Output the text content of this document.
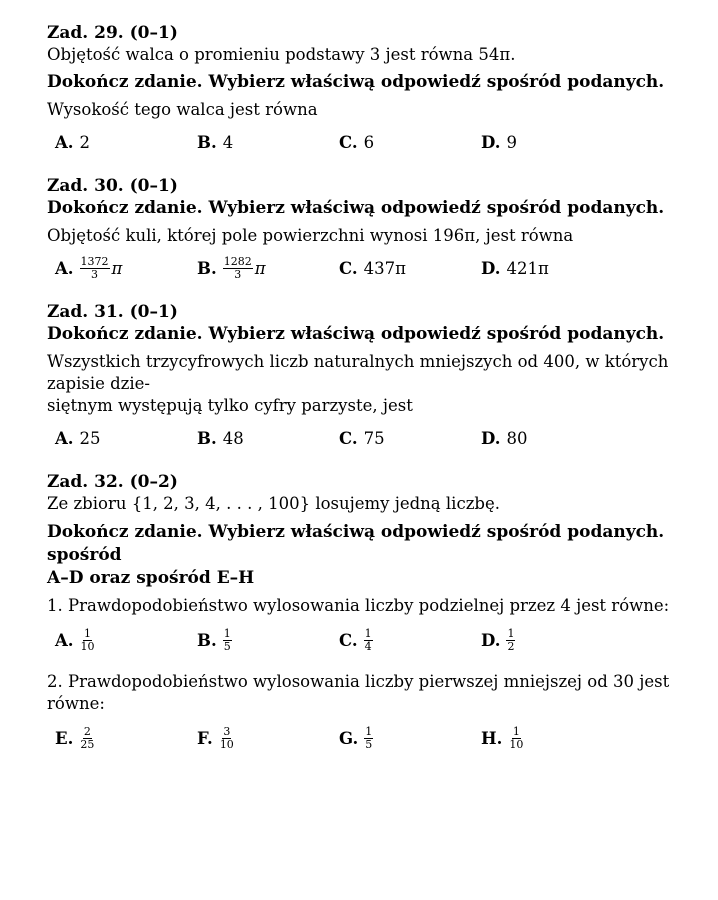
Zad. 29. (0–1)

Objętość walca o promieniu podstawy 3 jest równa 54π.

Dokończ zdanie. Wybierz właściwą odpowiedź spośród podanych.

Wysokość tego walca jest równa

A. 2	B. 4	C. 6	D. 9

Zad. 30. (0–1)

Dokończ zdanie. Wybierz właściwą odpowiedź spośród podanych.

Objętość kuli, której pole powierzchni wynosi 196π, jest równa

A. $\frac{1372}{3}$ π	B. $\frac{1282}{3}$ π	C. 437π	D. 421π

Zad. 31. (0–1)

Dokończ zdanie. Wybierz właściwą odpowiedź spośród podanych.

Wszystkich trzycyfrowych liczb naturalnych mniejszych od 400, w których zapisie dzie-

siętnym występują tylko cyfry parzyste, jest

A. 25	B. 48	C. 75	D. 80

Zad. 32. (0–2)

Ze zbioru {1, 2, 3, 4, . . . , 100} losujemy jedną liczbę.

Dokończ zdanie. Wybierz właściwą odpowiedź spośród podanych. spośród

A–D oraz spośród E–H

1. Prawdopodobieństwo wylosowania liczby podzielnej przez 4 jest równe:

A. $\frac{1}{10}$	B. $\frac{1}{5}$	C. $\frac{1}{4}$	D. $\frac{1}{2}$

2. Prawdopodobieństwo wylosowania liczby pierwszej mniejszej od 30 jest równe:

E. $\frac{2}{25}$	F. $\frac{3}{10}$	G. $\frac{1}{5}$	H. $\frac{1}{10}$
